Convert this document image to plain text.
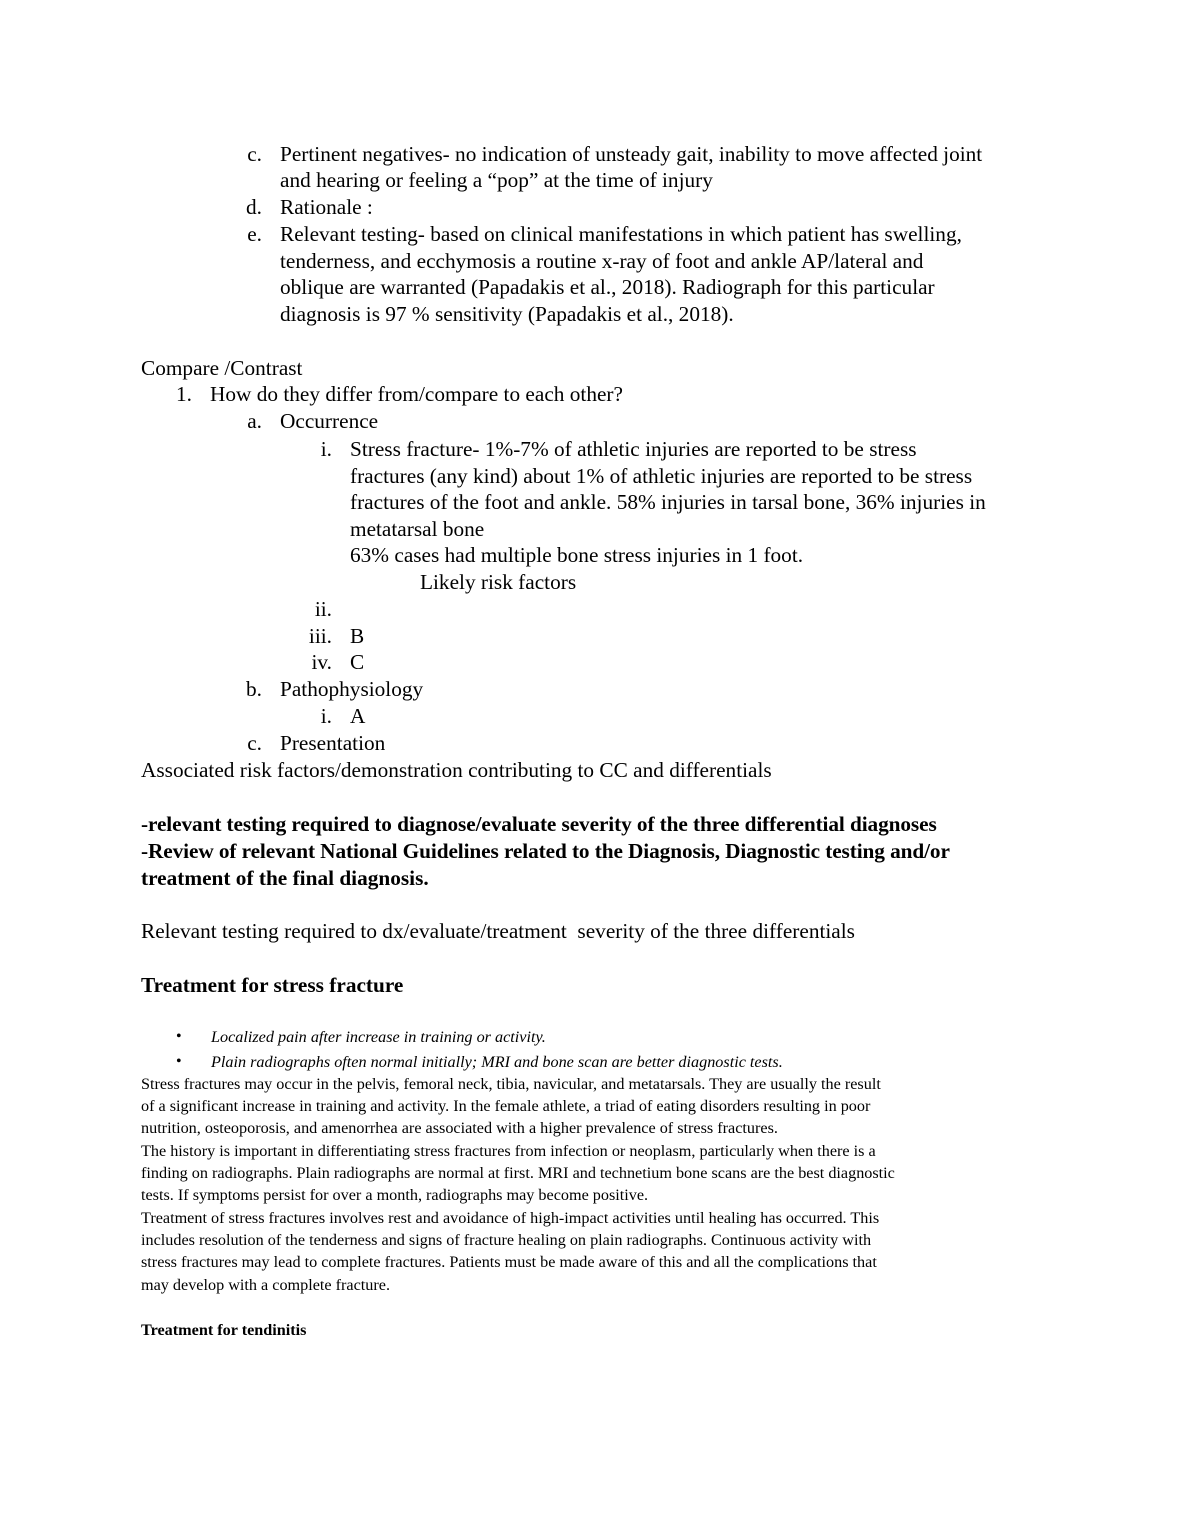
c. Pertinent negatives- no indication of unsteady gait, inability to move affected joint
and hearing or feeling a “pop” at the time of injury
d. Rationale :
e. Relevant testing- based on clinical manifestations in which patient has swelling,
tenderness, and ecchymosis a routine x-ray of foot and ankle AP/lateral and
oblique are warranted (Papadakis et al., 2018). Radiograph for this particular
diagnosis is 97 % sensitivity (Papadakis et al., 2018).
Compare /Contrast
1. How do they differ from/compare to each other?
a. Occurrence
i. Stress fracture- 1%-7% of athletic injuries are reported to be stress
fractures (any kind) about 1% of athletic injuries are reported to be stress
fractures of the foot and ankle. 58% injuries in tarsal bone, 36% injuries in
metatarsal bone
63% cases had multiple bone stress injuries in 1 foot.
Likely risk factors
ii.
iii. B
iv. C
b. Pathophysiology
i. A
c. Presentation
Associated risk factors/demonstration contributing to CC and differentials
-relevant testing required to diagnose/evaluate severity of the three differential diagnoses
-Review of relevant National Guidelines related to the Diagnosis, Diagnostic testing and/or
treatment of the final diagnosis.
Relevant testing required to dx/evaluate/treatment  severity of the three differentials
Treatment for stress fracture
• Localized pain after increase in training or activity.
• Plain radiographs often normal initially; MRI and bone scan are better diagnostic tests.
Stress fractures may occur in the pelvis, femoral neck, tibia, navicular, and metatarsals. They are usually the result
of a significant increase in training and activity. In the female athlete, a triad of eating disorders resulting in poor
nutrition, osteoporosis, and amenorrhea are associated with a higher prevalence of stress fractures.
The history is important in differentiating stress fractures from infection or neoplasm, particularly when there is a
finding on radiographs. Plain radiographs are normal at first. MRI and technetium bone scans are the best diagnostic
tests. If symptoms persist for over a month, radiographs may become positive.
Treatment of stress fractures involves rest and avoidance of high-impact activities until healing has occurred. This
includes resolution of the tenderness and signs of fracture healing on plain radiographs. Continuous activity with
stress fractures may lead to complete fractures. Patients must be made aware of this and all the complications that
may develop with a complete fracture.
Treatment for tendinitis
